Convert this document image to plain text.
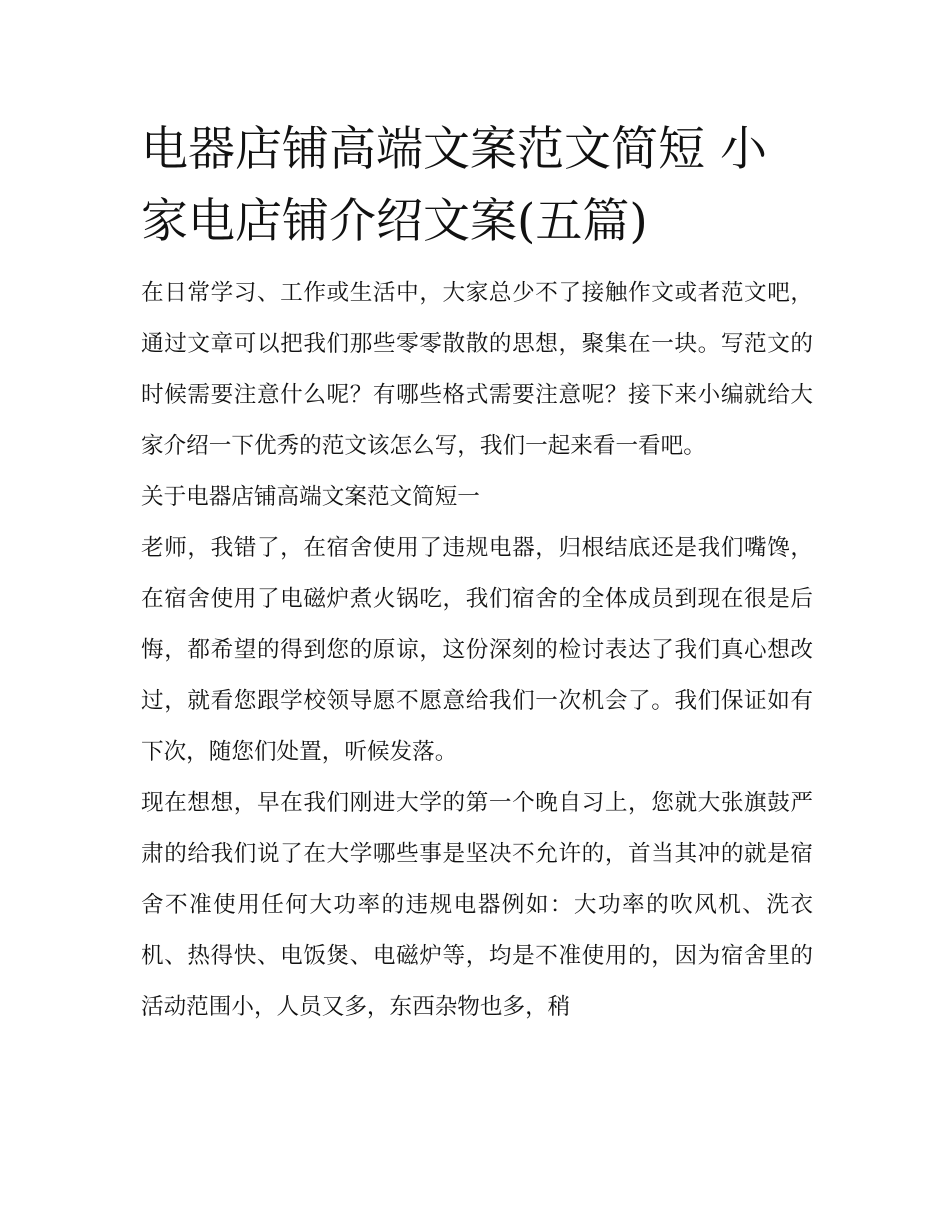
电器店铺高端文案范文简短 小家电店铺介绍文案(五篇)

在日常学习、工作或生活中，大家总少不了接触作文或者范文吧，通过文章可以把我们那些零零散散的思想，聚集在一块。写范文的时候需要注意什么呢？有哪些格式需要注意呢？接下来小编就给大家介绍一下优秀的范文该怎么写，我们一起来看一看吧。

关于电器店铺高端文案范文简短一

老师，我错了，在宿舍使用了违规电器，归根结底还是我们嘴馋，在宿舍使用了电磁炉煮火锅吃，我们宿舍的全体成员到现在很是后悔，都希望的得到您的原谅，这份深刻的检讨表达了我们真心想改过，就看您跟学校领导愿不愿意给我们一次机会了。我们保证如有下次，随您们处置，听候发落。

现在想想，早在我们刚进大学的第一个晚自习上，您就大张旗鼓严肃的给我们说了在大学哪些事是坚决不允许的，首当其冲的就是宿舍不准使用任何大功率的违规电器例如：大功率的吹风机、洗衣机、热得快、电饭煲、电磁炉等，均是不准使用的，因为宿舍里的活动范围小，人员又多，东西杂物也多，稍
